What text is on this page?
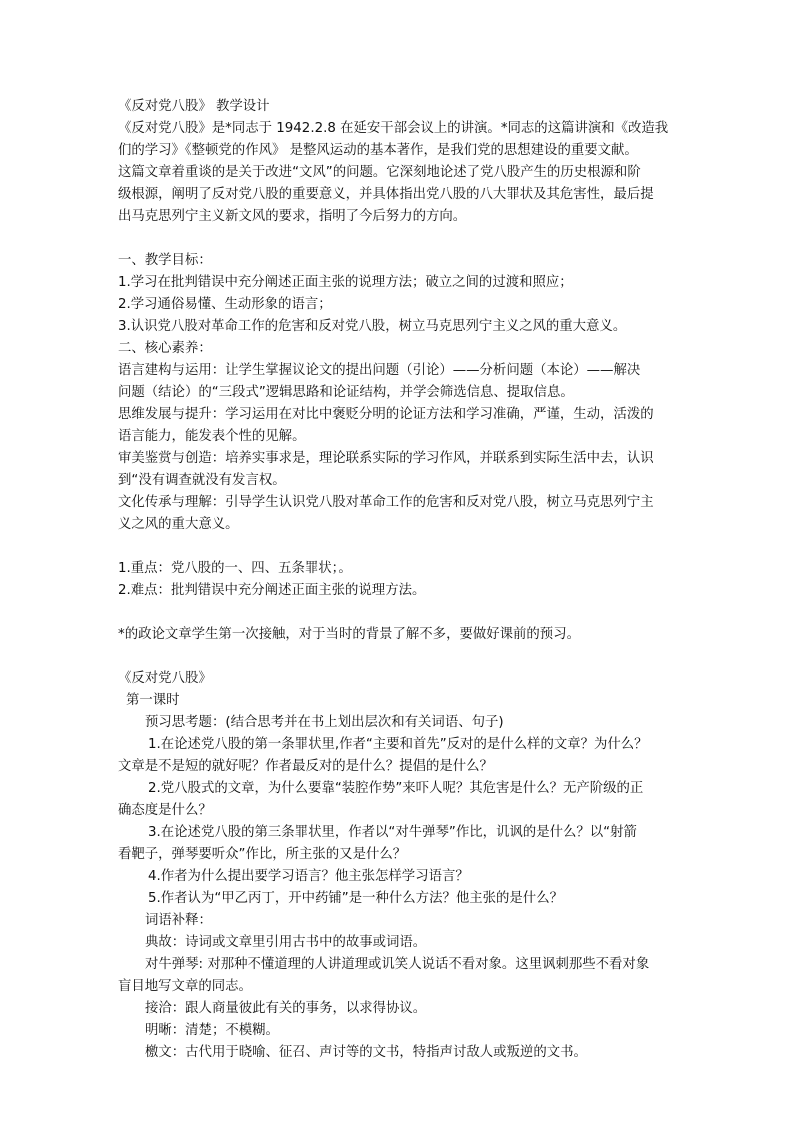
《反对党八股》 教学设计
《反对党八股》是*同志于 1942.2.8 在延安干部会议上的讲演。*同志的这篇讲演和《改造我
们的学习》《整顿党的作风》 是整风运动的基本著作，是我们党的思想建设的重要文献。
这篇文章着重谈的是关于改进“文风”的问题。它深刻地论述了党八股产生的历史根源和阶
级根源，阐明了反对党八股的重要意义，并具体指出党八股的八大罪状及其危害性，最后提
出马克思列宁主义新文风的要求，指明了今后努力的方向。
一、教学目标：
1.学习在批判错误中充分阐述正面主张的说理方法；破立之间的过渡和照应；
2.学习通俗易懂、生动形象的语言；
3.认识党八股对革命工作的危害和反对党八股，树立马克思列宁主义之风的重大意义。
二、核心素养：
语言建构与运用：让学生掌握议论文的提出问题（引论）——分析问题（本论）——解决
问题（结论）的“三段式”逻辑思路和论证结构，并学会筛选信息、提取信息。
思维发展与提升：学习运用在对比中褒贬分明的论证方法和学习准确，严谨，生动，活泼的
语言能力，能发表个性的见解。
审美鉴赏与创造：培养实事求是，理论联系实际的学习作风，并联系到实际生活中去，认识
到“没有调查就没有发言权。
文化传承与理解：引导学生认识党八股对革命工作的危害和反对党八股，树立马克思列宁主
义之风的重大意义。
1.重点：党八股的一、四、五条罪状；。
2.难点：批判错误中充分阐述正面主张的说理方法。
*的政论文章学生第一次接触，对于当时的背景了解不多，要做好课前的预习。
《反对党八股》
第一课时
预习思考题：(结合思考并在书上划出层次和有关词语、句子)
1.在论述党八股的第一条罪状里,作者“主要和首先”反对的是什么样的文章？为什么？
文章是不是短的就好呢？作者最反对的是什么？提倡的是什么？
2.党八股式的文章，为什么要靠“装腔作势”来吓人呢？其危害是什么？无产阶级的正
确态度是什么？
3.在论述党八股的第三条罪状里，作者以“对牛弹琴”作比，讥讽的是什么？以“射箭
看靶子，弹琴要听众”作比，所主张的又是什么？
4.作者为什么提出要学习语言？他主张怎样学习语言？
5.作者认为“甲乙丙丁，开中药铺”是一种什么方法？他主张的是什么？
词语补释：
典故：诗词或文章里引用古书中的故事或词语。
对牛弹琴: 对那种不懂道理的人讲道理或讥笑人说话不看对象。这里讽刺那些不看对象
盲目地写文章的同志。
接洽：跟人商量彼此有关的事务，以求得协议。
明晰：清楚；不模糊。
檄文：古代用于晓喻、征召、声讨等的文书，特指声讨敌人或叛逆的文书。
